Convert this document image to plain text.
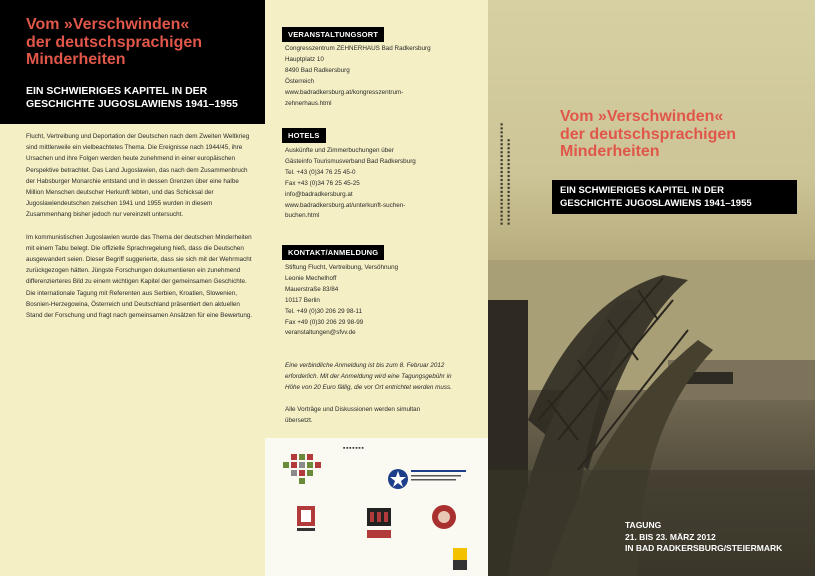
Vom »Verschwinden«
der deutschsprachigen
Minderheiten
EIN SCHWIERIGES KAPITEL IN DER
GESCHICHTE JUGOSLAWIENS 1941–1955

Flucht, Vertreibung und Deportation der Deutschen nach dem Zweiten Weltkrieg sind mittlerweile ein vielbeachtetes Thema. Die Ereignisse nach 1944/45, ihre Ursachen und ihre Folgen werden heute zunehmend in einer europäischen Perspektive betrachtet. Das Land Jugoslawien, das nach dem Zusammenbruch der Habsburger Monarchie entstand und in dessen Grenzen über eine halbe Million Menschen deutscher Herkunft lebten, und das Schicksal der Jugoslawiendeutschen zwischen 1941 und 1955 wurden in diesem Zusammenhang bisher jedoch nur vereinzelt untersucht.

Im kommunistischen Jugoslawien wurde das Thema der deutschen Minderheiten mit einem Tabu belegt. Die offizielle Sprachregelung hieß, dass die Deutschen ausgewandert seien. Dieser Begriff suggerierte, dass sie sich mit der Wehrmacht zurückgezogen hätten. Jüngste Forschungen dokumentieren ein zunehmend differenzierteres Bild zu einem wichtigen Kapitel der gemeinsamen Geschichte. Die internationale Tagung mit Referenten aus Serbien, Kroatien, Slowenien, Bosnien-Herzegowina, Österreich und Deutschland präsentiert den aktuellen Stand der Forschung und fragt nach gemeinsamen Ansätzen für eine Bewertung.

VERANSTALTUNGSORT
Congresszentrum ZEHNERHAUS Bad Radkersburg
Hauptplatz 10
8490 Bad Radkersburg
Österreich
www.badradkersburg.at/kongresszentrum-
zehnerhaus.html
HOTELS
Auskünfte und Zimmerbuchungen über
Gästeinfo Tourismusverband Bad Radkersburg
Tel. +43 (0)34 76 25 45-0
Fax +43 (0)34 76 25 45-25
info@badradkersburg.at
www.badradkersburg.at/unterkunft-suchen-
buchen.html
KONTAKT/ANMELDUNG
Stiftung Flucht, Vertreibung, Versöhnung
Leonie Mechelhoff
Mauerstraße 83/84
10117 Berlin
Tel. +49 (0)30 206 29 98-11
Fax +49 (0)30 206 29 98-99
veranstaltungen@sfvv.de
Eine verbindliche Anmeldung ist bis zum 8. Februar 2012
erforderlich. Mit der Anmeldung wird eine Tagungsgebühr in
Höhe von 20 Euro fällig, die vor Ort entrichtet werden muss.
Alle Vorträge und Diskussionen werden simultan
übersetzt.
■ ■ ■ ■ ■ ■ ■
■ ■ ■ ■ ■ ■ ■ ■ ■ ■ ■ ■ ■ ■ ■ ■ ■ ■ ■ ■ ■ ■ ■ ■ ■ ■ ■ ■ ■ ■ ■ ■ ■ ■ ■ ■ ■ ■ ■ ■ ■ ■ ■ ■ ■ ■ ■ ■
Vom »Verschwinden«
der deutschsprachigen
Minderheiten
EIN SCHWIERIGES KAPITEL IN DER
GESCHICHTE JUGOSLAWIENS 1941–1955
TAGUNG
21. BIS 23. MÄRZ 2012
IN BAD RADKERSBURG/STEIERMARK
